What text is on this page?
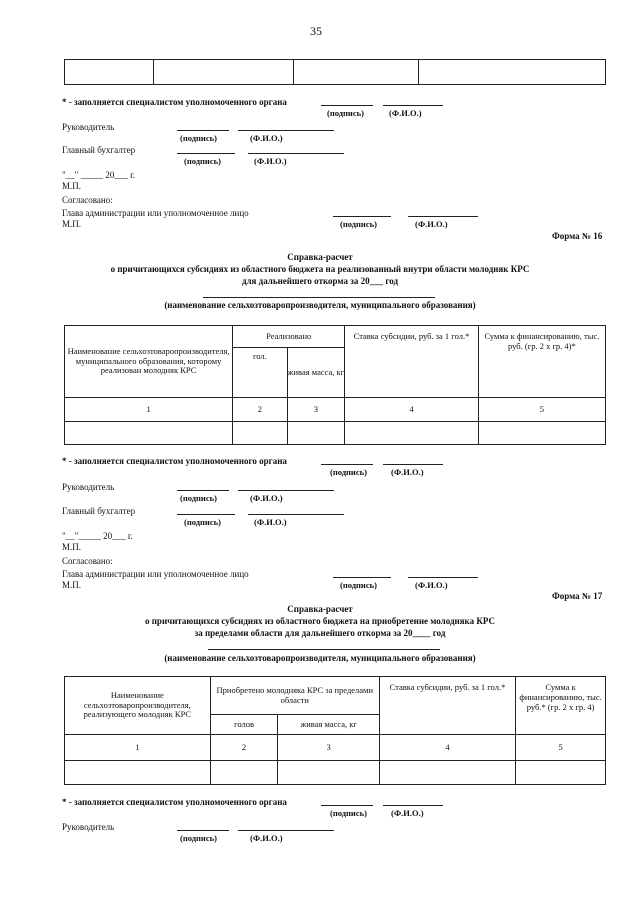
35

* - заполняется специалистом уполномоченного органа
(подпись)	(Ф.И.О.)
Руководитель
(подпись)	(Ф.И.О.)
Главный бухгалтер
(подпись)	(Ф.И.О.)
"__" _____ 20___ г.
М.П.
Согласовано:
Глава администрации или уполномоченное лицо
М.П.	(подпись)	(Ф.И.О.)
Форма № 16
Справка-расчет
о причитающихся субсидиях из областного бюджета на реализованный внутри области молодняк КРС
для дальнейшего откорма за 20___ год
(наименование сельхозтоваропроизводителя, муниципального образования)
Наименование сельхозтоваропроизводителя, муниципального образования, которому реализован молодняк КРС	Реализовано		Ставка субсидии, руб. за 1 гол.*	Сумма к финансированию, тыс. руб. (гр. 2 х гр. 4)*
	гол.	живая масса, кг		
1	2	3	4	5

* - заполняется специалистом уполномоченного органа
(подпись)	(Ф.И.О.)
Руководитель
(подпись)	(Ф.И.О.)
Главный бухгалтер
(подпись)	(Ф.И.О.)
"__"_____ 20___ г.
М.П.
Согласовано:
Глава администрации или уполномоченное лицо
М.П.	(подпись)	(Ф.И.О.)
Форма № 17
Справка-расчет
о причитающихся субсидиях из областного бюджета на приобретение молодняка КРС
за пределами области для дальнейшего откорма за 20____ год
(наименование сельхозтоваропроизводителя, муниципального образования)
Наименование сельхозтоваропроизводителя, реализующего молодняк КРС	Приобретено молодняка КРС за пределами области		Ставка субсидии, руб. за 1 гол.*	Сумма к финансированию, тыс. руб.* (гр. 2 х гр. 4)
	голов	живая масса, кг		
1	2	3	4	5

* - заполняется специалистом уполномоченного органа
(подпись)	(Ф.И.О.)
Руководитель
(подпись)	(Ф.И.О.)
